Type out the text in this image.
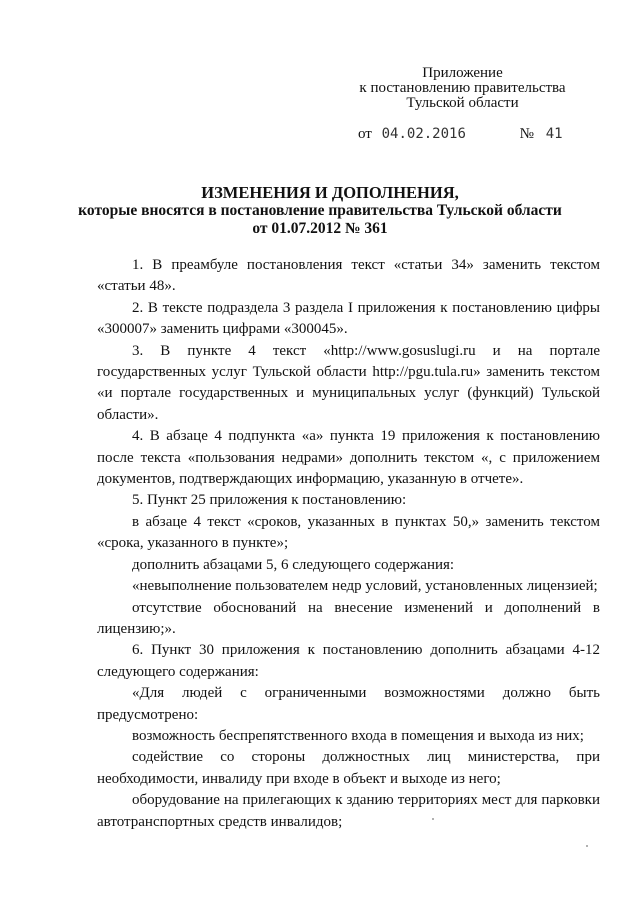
Приложение
к постановлению правительства
Тульской области
от 04.02.2016	№ 41
ИЗМЕНЕНИЯ И ДОПОЛНЕНИЯ,
которые вносятся в постановление правительства Тульской области
от 01.07.2012 № 361

1. В преамбуле постановления текст «статьи 34» заменить текстом «статьи 48».

2. В тексте подраздела 3 раздела I приложения к постановлению цифры «300007» заменить цифрами «300045».

3. В пункте 4 текст «http://www.gosuslugi.ru и на портале государственных услуг Тульской области http://pgu.tula.ru» заменить текстом «и портале государственных и муниципальных услуг (функций) Тульской области».

4. В абзаце 4 подпункта «а» пункта 19 приложения к постановлению после текста «пользования недрами» дополнить текстом «, с приложением документов, подтверждающих информацию, указанную в отчете».

5. Пункт 25 приложения к постановлению:

в абзаце 4 текст «сроков, указанных в пунктах 50,» заменить текстом «срока, указанного в пункте»;

дополнить абзацами 5, 6 следующего содержания:

«невыполнение пользователем недр условий, установленных лицензией;

отсутствие обоснований на внесение изменений и дополнений в лицензию;».

6. Пункт 30 приложения к постановлению дополнить абзацами 4-12 следующего содержания:

«Для людей с ограниченными возможностями должно быть предусмотрено:

возможность беспрепятственного входа в помещения и выхода из них;

содействие со стороны должностных лиц министерства, при необходимости, инвалиду при входе в объект и выходе из него;

оборудование на прилегающих к зданию территориях мест для парковки автотранспортных средств инвалидов;
